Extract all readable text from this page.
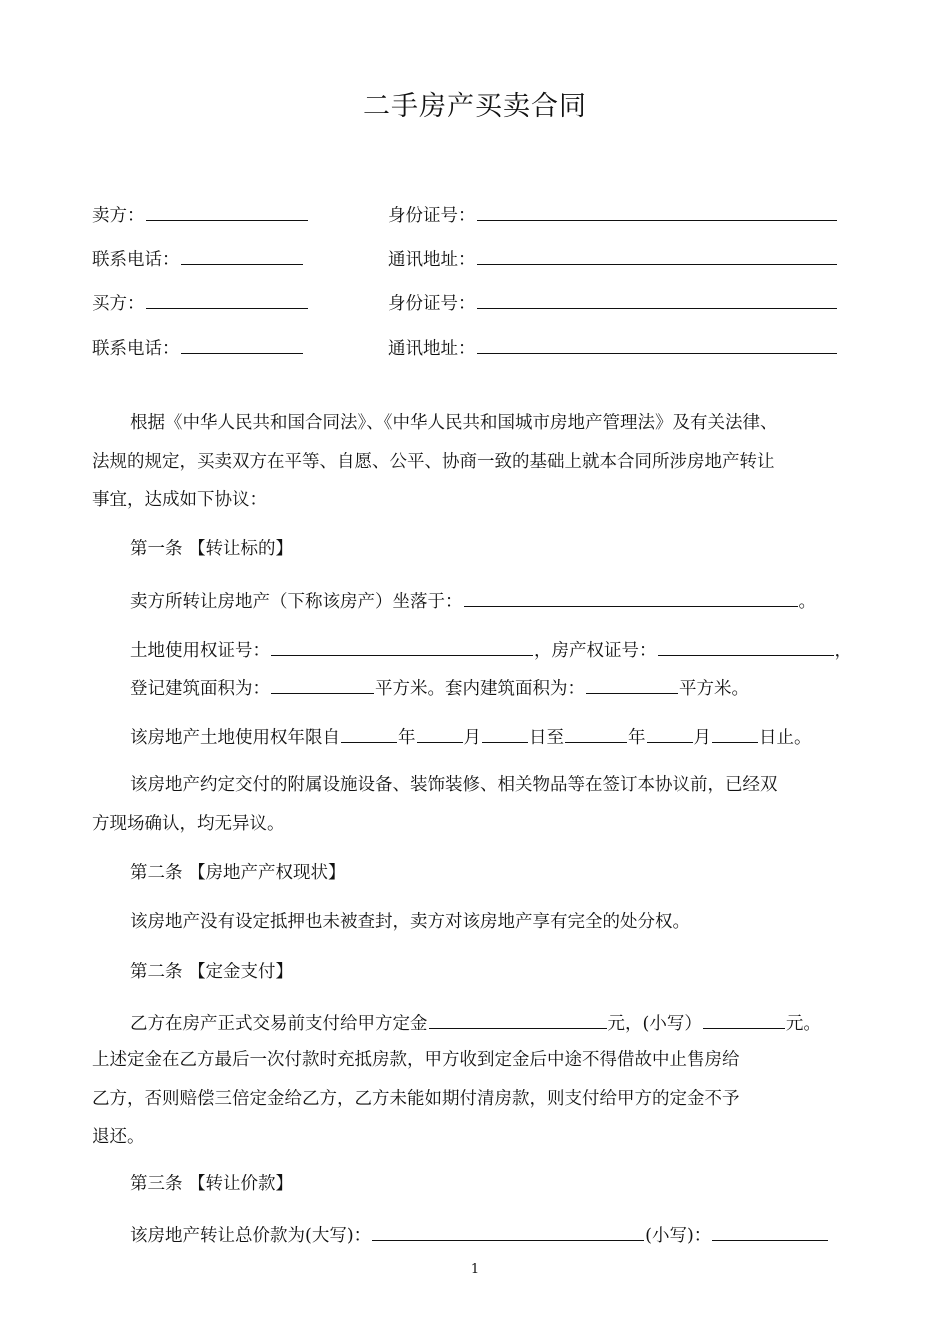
二手房产买卖合同
卖方：	身份证号：
联系电话：	通讯地址：
买方：	身份证号：
联系电话：	通讯地址：
根据《中华人民共和国合同法》、《中华人民共和国城市房地产管理法》及有关法律、
法规的规定，买卖双方在平等、自愿、公平、协商一致的基础上就本合同所涉房地产转让
事宜，达成如下协议：
第一条 【转让标的】
卖方所转让房地产（下称该房产）坐落于：	。
土地使用权证号：	，房产权证号：	，
登记建筑面积为：	平方米。套内建筑面积为：	平方米。
该房地产土地使用权年限自	年	月	日至	年	月	日止。
该房地产约定交付的附属设施设备、装饰装修、相关物品等在签订本协议前，已经双
方现场确认，均无异议。
第二条 【房地产产权现状】
该房地产没有设定抵押也未被查封，卖方对该房地产享有完全的处分权。
第二条 【定金支付】
乙方在房产正式交易前支付给甲方定金	元，(小写）	元。
上述定金在乙方最后一次付款时充抵房款，甲方收到定金后中途不得借故中止售房给
乙方，否则赔偿三倍定金给乙方，乙方未能如期付清房款，则支付给甲方的定金不予
退还。
第三条 【转让价款】
该房地产转让总价款为(大写)：	(小写)：
1
